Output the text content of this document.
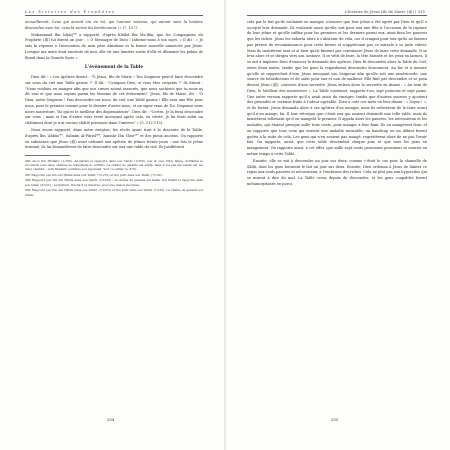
Les histoires des Prophètes

accueilleront. Ceux qui auront cru en toi, qui t'auront soutenu, qui auront suivi la lumière descendue avec toi, ceux-là seront les bienheureux !» (7, 157).

Muḥammad Ibn Isḥāq⁹⁹⁶ a rapporté, d'après Khâlid Ibn Ma‘dân, que les Compagnons du Prophète (ﷺ) lui dirent un jour : « Ô Messager de Dieu ! Informe-nous à ton sujet. » Il dit : « Je suis la réponse à l'invocation de mon père Abraham et la bonne nouvelle annoncée par Jésus. Lorsque ma mère était enceinte de moi, elle vit une lumière sortir d'elle et illuminer les palais de Boṣrâ dans la Grande Syrie ».

L'événement de la Table

Dieu dit : « Les Apôtres dirent : "Ô Jésus, fils de Marie ! Ton Seigneur peut-il faire descendre sur nous du ciel une Table garnie ?" Il dit : "Craignez Dieu, si vous êtes croyants !" Ils dirent : "Nous voulons en manger afin que nos cœurs soient rassurés, que nous sachions que tu nous as dit vrai et que nous soyons parmi les témoins de cet événement". Jésus, fils de Marie, dit : "Ô Dieu, notre Seigneur ! Fais descendre sur nous, du ciel, une Table garnie ! Elle sera une fête pour nous, pour le premier comme pour le dernier d'entre nous, et un signe venu de Toi. Dispense-nous notre nourriture, Toi qui es le meilleur des dispensateurs". Dieu dit : "Certes, Je la ferai descendre sur vous ; mais si l'un d'entre vous reste incroyant après cela, en vérité, Je lui ferai subir un châtiment dont je n'ai encore châtié personne dans l'univers" » (5, 112-115).

Nous avons rapporté, dans notre exégèse, les récits ayant trait à la descente de la Table, d'après Ibn ‘Abbâs⁹⁹⁷, Salmân Al-Fârisî⁹⁹⁸, ‘Ammâr Ibn Yâsir⁹⁹⁹ et des pieux anciens. On rapporte en substance que Jésus (ﷺ) avait ordonné aux apôtres de jeûner trente jours : une fois le jeûne terminé, ils lui demandèrent de faire descendre sur eux une table du ciel. Ils justifièrent

996 Abou Ibn Hichâm, (1/166). Aḍ-Ḍarârî le rapporte dans son Tafsîr, (1/556), par la voie d'Ibn Isḥâq. Al-Ḥâkim le reconnaît sous deux chaînes de transmission, (2/600). La chaîne de garants est ṣaḥîḥ, mais il n'a pas été relaté par les deux cheikhs. - Adh-Dhahabî confirme son jugement. Voir ce cahier (n. 970).

997 Rapporté par Ibn Abî Ḥâtim dans son Tafsîr, (7/1251) et Ibn Jarîr dans son Tafsîr, (7/130).

998 Rapporté par Ibn Abî Ḥâtim dans son Tafsîr, (7/1256) ; sa chaîne de garants est faible. Ibn Kathîr le rapporte dans son tafsîr, (3/225) ; Al-Qurṭubî, Ibn Sa‘d et d'autres, pour une raison inconnue.

999 Rapporté par Ibn Abî Ḥâtim dans son Tafsîr, (7/1253) et Ibn Jarîr dans son Tafsîr, (7/133). La chaîne de garants est faible.

334
L'histoire de Jésus fils de Marie (ﷺ) | 335

cela par le fait qu'ils voulaient en manger, s'assurer que leur jeûne a été agréé par Dieu et qu'il a accepté leur demande. Ils voulaient aussi qu'elle soit pour eux une fête à l'occasion de la rupture de leur jeûne et qu'elle suffise pour les premiers et les derniers parmi eux, ainsi bien les pauvres que les riches. Jésus les exhorta alors à s'abstenir de cela, car il craignit pour eux qu'ils ne fassent pas preuve de reconnaissance pour cette faveur et n'appréciant pas ce miracle à sa juste valeur. Mais ils insistèrent tant et si bien qu'ils finirent par convaincre Jésus de faire cette demande. Il se leva alors et se dirigea vers son oratoire. Il se vêtit de bure, la tête baissée et les yeux en larmes, il se mit à implorer Dieu d'exaucer la demande des apôtres. Dieu fit descendre alors la Table du Ciel, entre deux nuées, tandis que les gens la regardaient descendre doucement. Au fur et à mesure qu'elle se rapprochait d'eux, Jésus invoquait son Seigneur afin qu'elle soit une miséricorde, une source de bénédictions et de salut pour eux et non de malheur. Elle finit par descendre et se posa devant Jésus (ﷺ), couverte d'une serviette. Jésus enleva alors la serviette en disant : « Au nom de Dieu, le Meilleur des nourriciers ». La Table contenait, rapporte-t-on, sept poissons et sept pains. Une autre version rapporte qu'il y avait aussi du vinaigre, tandis que d'autres sources y ajoutent des grenades et certains fruits à l'odeur agréable. Dieu a créé ces mets en leur disant : « Soyez ! », et ils furent. Jésus demanda alors à ses apôtres d'en manger, mais ils refusèrent de le faire avant qu'il n'en mange, lui. Il leur rétorqua que c'était eux qui avaient demandé une telle table, mais ils insistèrent tellement qu'il en mangeât le premier. Il appela alors les pauvres, les nécessiteux et les malades, qui étaient presque mille trois cents, pour manger à leur faim. Ils en mangèrent donc et on rapporte que tous ceux qui avaient une maladie incurable, un handicap ou un défaut furent guéris à la suite de cela. Les gens qui n'en avaient pas mangé, regrettèrent alors de ne pas l'avoir fait. On rapporte, aussi, que cette table descendait chaque jour, et que tous les gens en mangeaient. On rapporte aussi, à cet effet, que mille sept cents personnes pouvaient se nourrir en même temps à cette Table.

Ensuite, elle se mit à descendre un jour sur deux, comme c'était le cas pour la chamelle de Ṣâliḥ, dont les gens buvaient le lait un jour sur deux. Ensuite, Dieu ordonna à Jésus de limiter ce repas aux seuls pauvres et nécessiteux, à l'exclusion des riches. Cela ne plut pas aux hypocrites qui se mirent à dire du mal. La Table cessa depuis de descendre, et les gens coupables furent métamorphosés en porcs.

335
